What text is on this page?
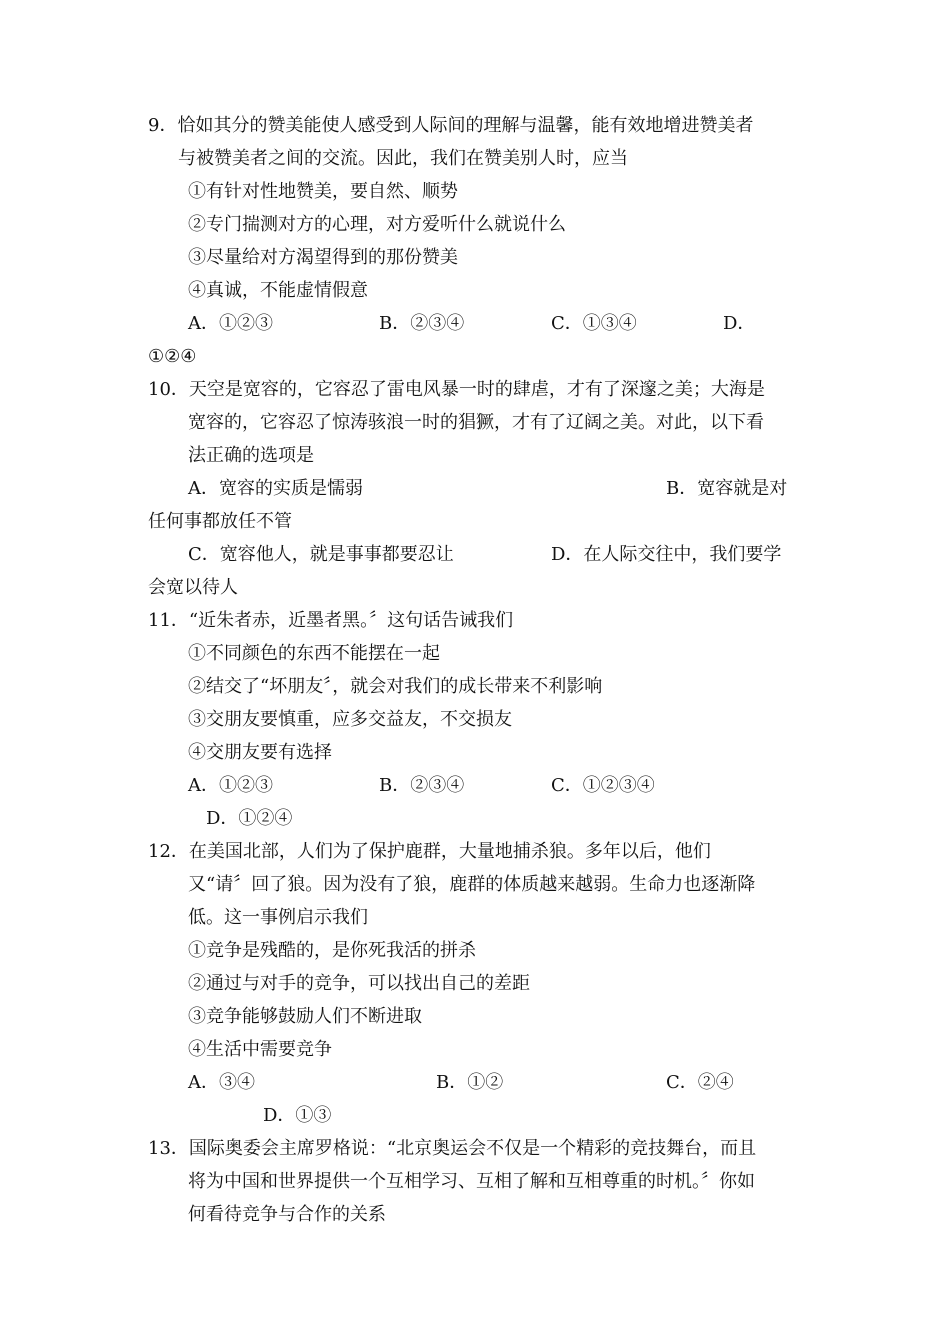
9．恰如其分的赞美能使人感受到人际间的理解与温馨，能有效地增进赞美者
与被赞美者之间的交流。因此，我们在赞美别人时，应当
①有针对性地赞美，要自然、顺势
②专门揣测对方的心理，对方爱听什么就说什么
③尽量给对方渴望得到的那份赞美
④真诚，不能虚情假意
A．①②③	B．②③④	C．①③④	D．
①②④
10．天空是宽容的，它容忍了雷电风暴一时的肆虐，才有了深邃之美；大海是
宽容的，它容忍了惊涛骇浪一时的猖獗，才有了辽阔之美。对此，以下看
法正确的选项是
A．宽容的实质是懦弱	B．宽容就是对
任何事都放任不管
C．宽容他人，就是事事都要忍让	D．在人际交往中，我们要学
会宽以待人
11．“近朱者赤，近墨者黑。〞这句话告诫我们
①不同颜色的东西不能摆在一起
②结交了“坏朋友〞，就会对我们的成长带来不利影响
③交朋友要慎重，应多交益友，不交损友
④交朋友要有选择
A．①②③	B．②③④	C．①②③④
D．①②④
12．在美国北部，人们为了保护鹿群，大量地捕杀狼。多年以后，他们
又“请〞回了狼。因为没有了狼，鹿群的体质越来越弱。生命力也逐渐降
低。这一事例启示我们
①竞争是残酷的，是你死我活的拼杀
②通过与对手的竞争，可以找出自己的差距
③竞争能够鼓励人们不断进取
④生活中需要竞争
A．③④	B．①②	C．②④
D．①③
13．国际奥委会主席罗格说：“北京奥运会不仅是一个精彩的竞技舞台，而且
将为中国和世界提供一个互相学习、互相了解和互相尊重的时机。〞你如
何看待竞争与合作的关系
